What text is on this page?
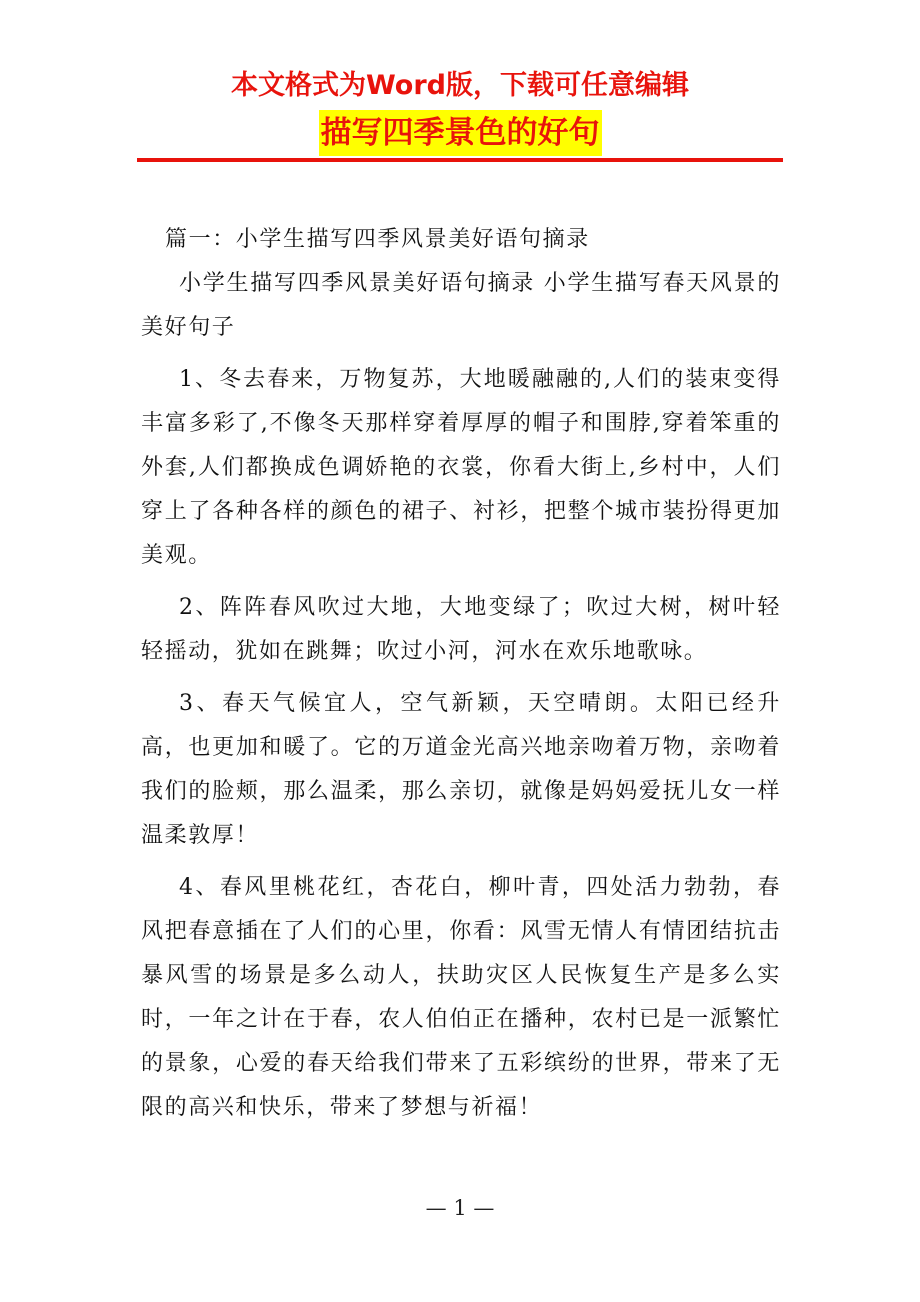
本文格式为Word版，下载可任意编辑

描写四季景色的好句

篇一：小学生描写四季风景美好语句摘录

小学生描写四季风景美好语句摘录 小学生描写春天风景的美好句子

1、冬去春来，万物复苏，大地暖融融的,人们的装束变得丰富多彩了,不像冬天那样穿着厚厚的帽子和围脖,穿着笨重的外套,人们都换成色调娇艳的衣裳，你看大街上,乡村中，人们穿上了各种各样的颜色的裙子、衬衫，把整个城市装扮得更加美观。

2、阵阵春风吹过大地，大地变绿了；吹过大树，树叶轻轻摇动，犹如在跳舞；吹过小河，河水在欢乐地歌咏。

3、春天气候宜人，空气新颖，天空晴朗。太阳已经升高，也更加和暖了。它的万道金光高兴地亲吻着万物，亲吻着我们的脸颊，那么温柔，那么亲切，就像是妈妈爱抚儿女一样温柔敦厚！

4、春风里桃花红，杏花白，柳叶青，四处活力勃勃，春风把春意插在了人们的心里，你看：风雪无情人有情团结抗击暴风雪的场景是多么动人，扶助灾区人民恢复生产是多么实时，一年之计在于春，农人伯伯正在播种，农村已是一派繁忙的景象，心爱的春天给我们带来了五彩缤纷的世界，带来了无限的高兴和快乐，带来了梦想与祈福！

— 1 —
